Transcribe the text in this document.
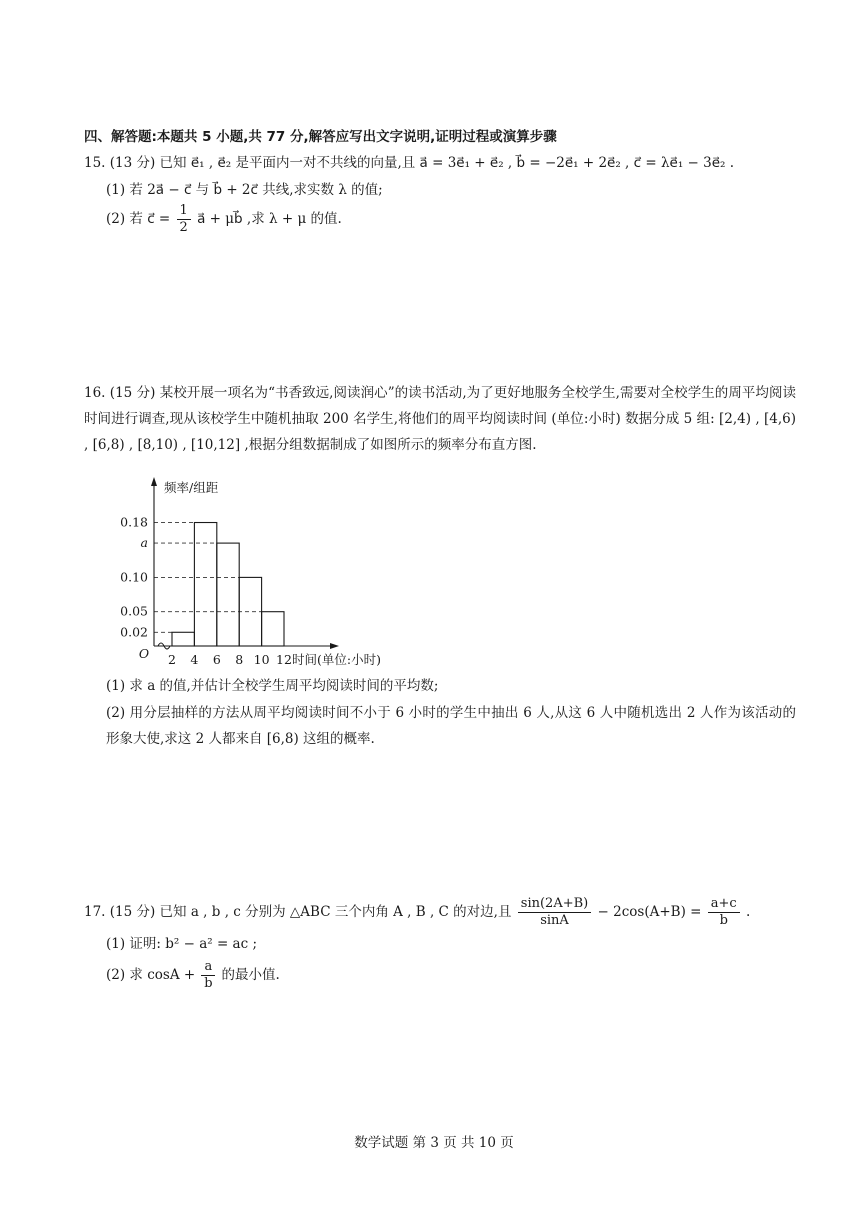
四、解答题:本题共 5 小题,共 77 分,解答应写出文字说明,证明过程或演算步骤
15. (13 分) 已知 e⃗₁ , e⃗₂ 是平面内一对不共线的向量,且 a⃗ = 3e⃗₁ + e⃗₂ , b⃗ = −2e⃗₁ + 2e⃗₂ , c⃗ = λe⃗₁ − 3e⃗₂ .
(1) 若 2a⃗ − c⃗ 与 b⃗ + 2c⃗ 共线,求实数 λ 的值;
(2) 若 c⃗ = $\frac{1}{2}$ a⃗ + μb⃗ ,求 λ + μ 的值.
16. (15 分) 某校开展一项名为“书香致远,阅读润心”的读书活动,为了更好地服务全校学生,需要对全校学生的周平均阅读时间进行调查,现从该校学生中随机抽取 200 名学生,将他们的周平均阅读时间 (单位:小时) 数据分成 5 组: [2,4) , [4,6) , [6,8) , [8,10) , [10,12] ,根据分组数据制成了如图所示的频率分布直方图.
0.02
0.05
0.10
a
0.18
2 4 6 8 10 12
O
频率/组距
时间(单位:小时)
(1) 求 a 的值,并估计全校学生周平均阅读时间的平均数;
(2) 用分层抽样的方法从周平均阅读时间不小于 6 小时的学生中抽出 6 人,从这 6 人中随机选出 2 人作为该活动的形象大使,求这 2 人都来自 [6,8) 这组的概率.
17. (15 分) 已知 a , b , c 分别为 △ABC 三个内角 A , B , C 的对边,且 $\frac{\sin(2A+B)}{\sin A} - 2\cos(A+B) = \frac{a+c}{b}$ .
(1) 证明: b² − a² = ac ;
(2) 求 $\cos A + \frac{a}{b}$ 的最小值.
数学试题 第 3 页 共 10 页
